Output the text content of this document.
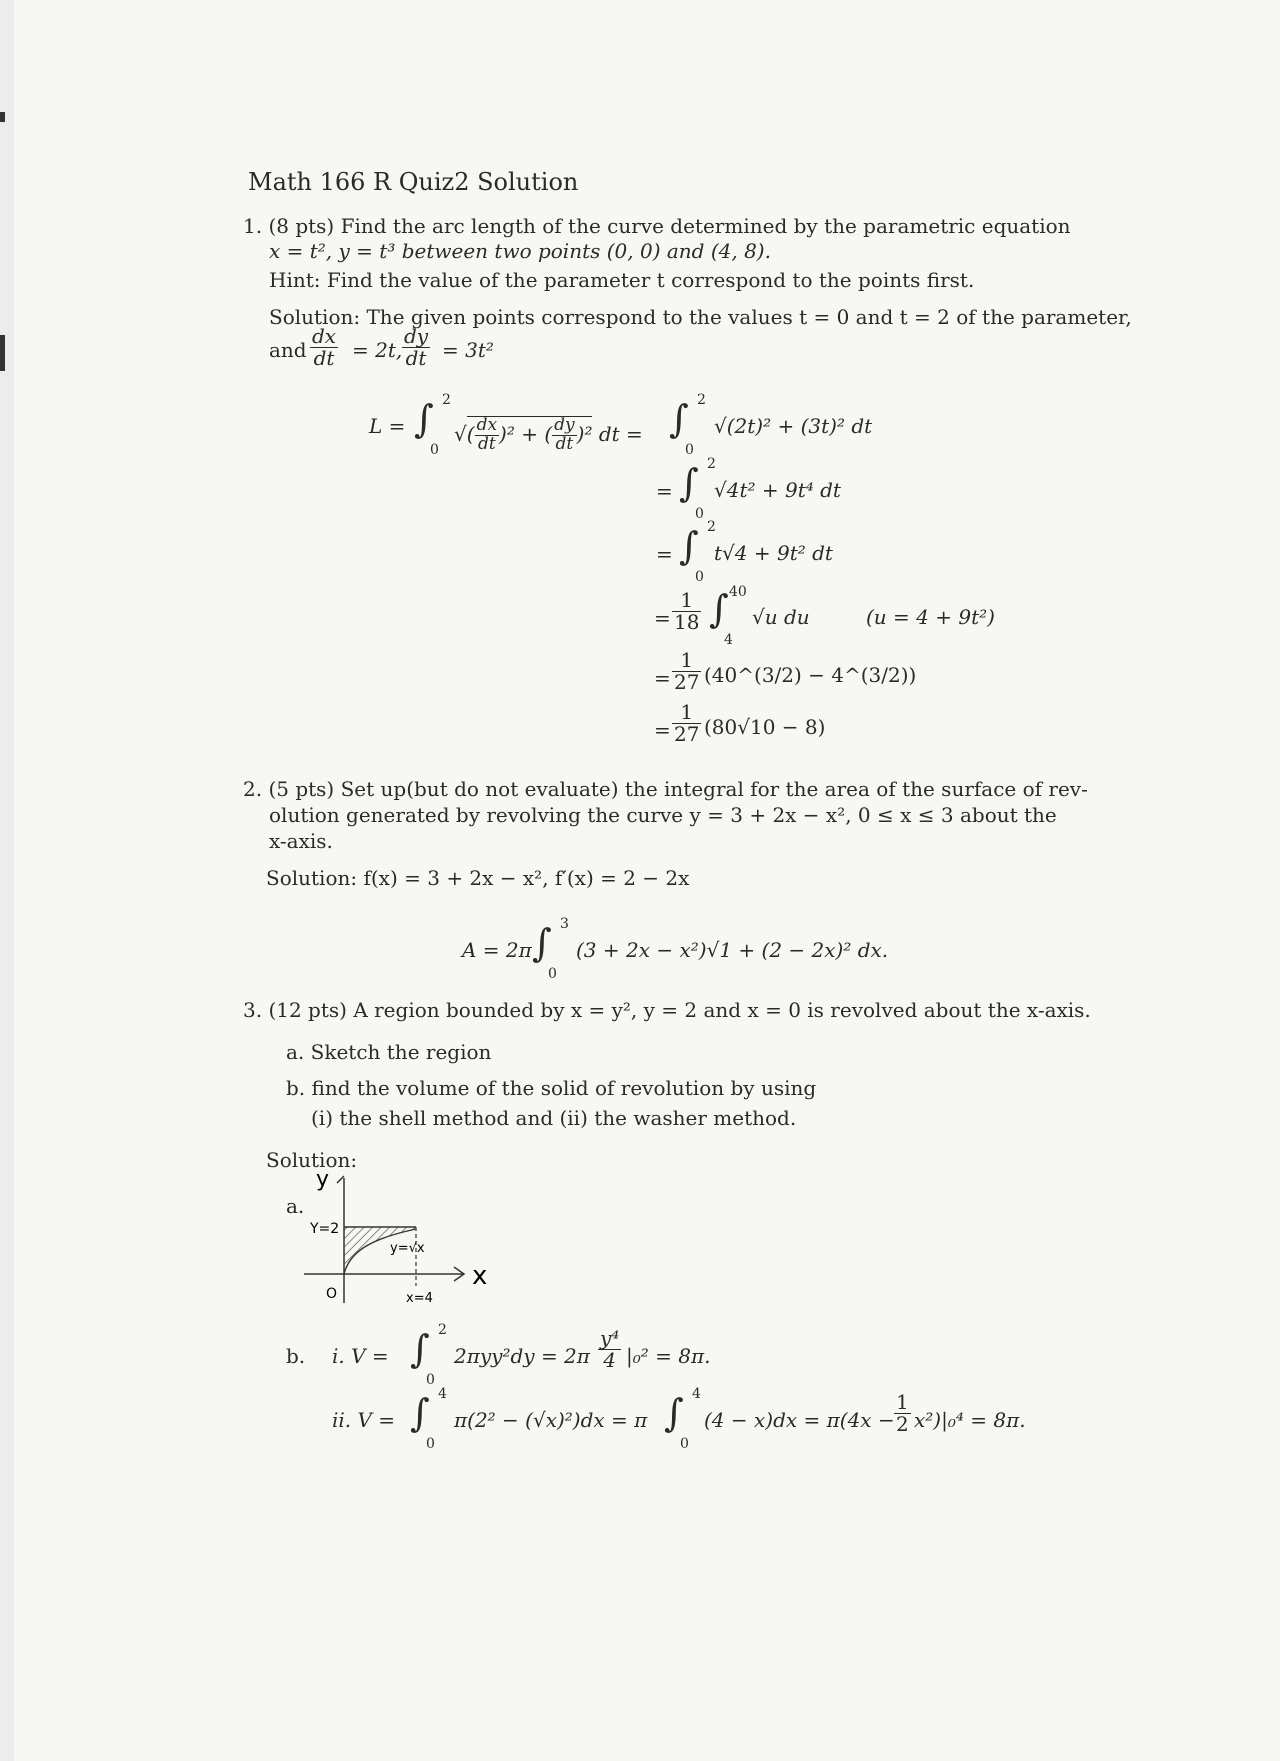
Math 166 R Quiz2 Solution
1. (8 pts) Find the arc length of the curve determined by the parametric equation
x = t², y = t³ between two points (0, 0) and (4, 8).
Hint: Find the value of the parameter t correspond to the points first.
Solution: The given points correspond to the values t = 0 and t = 2 of the parameter,
and $\frac{dx}{dt} = 2t$, $\frac{dy}{dt} = 3t^2$
L = ∫ 2
0
√( $\frac{dx}{dt} )^2$ + ( $\frac{dy}{dt} )^2$ dt = ∫ 2
0
√(2t)² + (3t)² dt
= ∫ 2
0
√4t² + 9t⁴ dt
= ∫ 2
0
t√4 + 9t² dt
= $\frac{1}{18}$ ∫ 40
4
√u du	(u = 4 + 9t²)
= $\frac{1}{27}$ (40^(3/2) − 4^(3/2))
= $\frac{1}{27} (80√10 - 8)$
2. (5 pts) Set up(but do not evaluate) the integral for the area of the surface of rev-
olution generated by revolving the curve y = 3 + 2x − x², 0 ≤ x ≤ 3 about the
x-axis.
Solution: f(x) = 3 + 2x − x², f′(x) = 2 − 2x
A = 2π ∫ 3
0
(3 + 2x − x²)√1 + (2 − 2x)² dx.
3. (12 pts) A region bounded by x = y², y = 2 and x = 0 is revolved about the x-axis.
a. Sketch the region
b. find the volume of the solid of revolution by using
(i) the shell method and (ii) the washer method.
Solution:
a.
y
x
O
Y=2
y=√x
x=4
b. i. V = ∫ 2
0
$2\pi yy^2dy = 2\pi \frac{\text{y⁴}}{4} |_0^2 = 8\pi$.
ii. V = ∫ 4
0
π(2² − (√x)²)dx = π ∫ 4
0
$(4 - x)dx = \pi(4x - \frac{1}{2} x^2)|_0^4 = 8\pi$.
